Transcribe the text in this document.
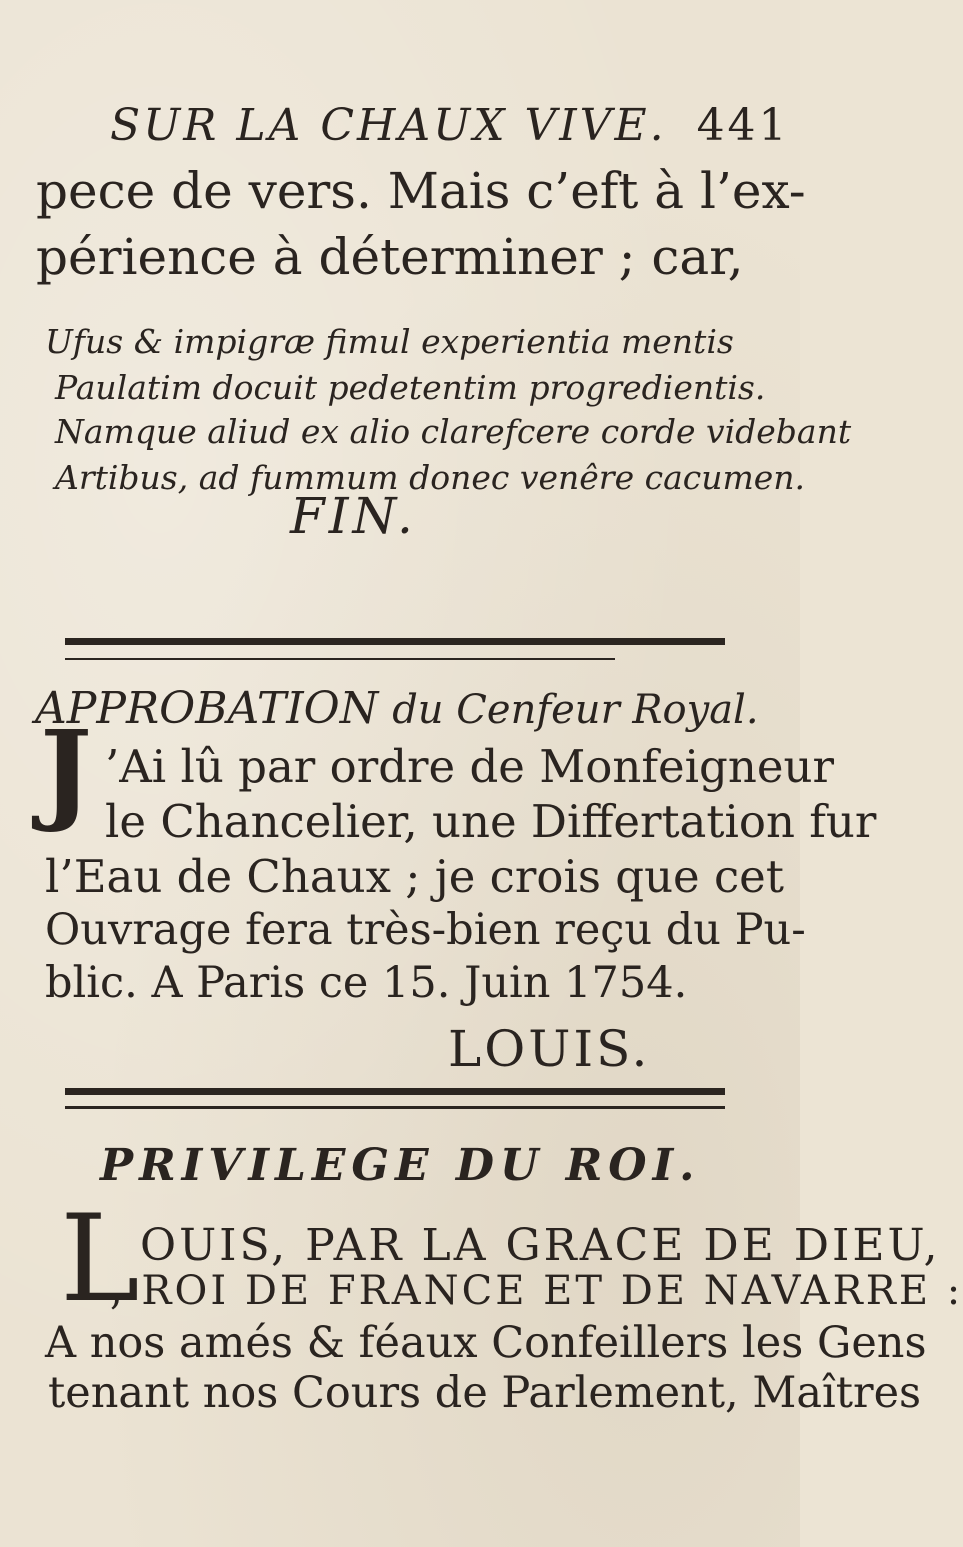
SUR LA CHAUX VIVE. 441
pece de vers. Mais c’eft à l’ex-
périence à déterminer ; car,
Ufus & impigræ fimul experientia mentis
Paulatim docuit pedetentim progredientis.
Namque aliud ex alio clarefcere corde videbant
Artibus, ad fummum donec venêre cacumen.
FIN.
APPROBATION du Cenfeur Royal.
J ’Ai lû par ordre de Monfeigneur
le Chancelier, une Differtation fur
l’Eau de Chaux ; je crois que cet
Ouvrage fera très-bien reçu du Pu-
blic. A Paris ce 15. Juin 1754.
LOUIS.
PRIVILEGE DU ROI.
L OUIS, PAR LA GRACE DE DIEU,
, ROI DE FRANCE ET DE NAVARRE :
A nos amés & féaux Confeillers les Gens
tenant nos Cours de Parlement, Maîtres
